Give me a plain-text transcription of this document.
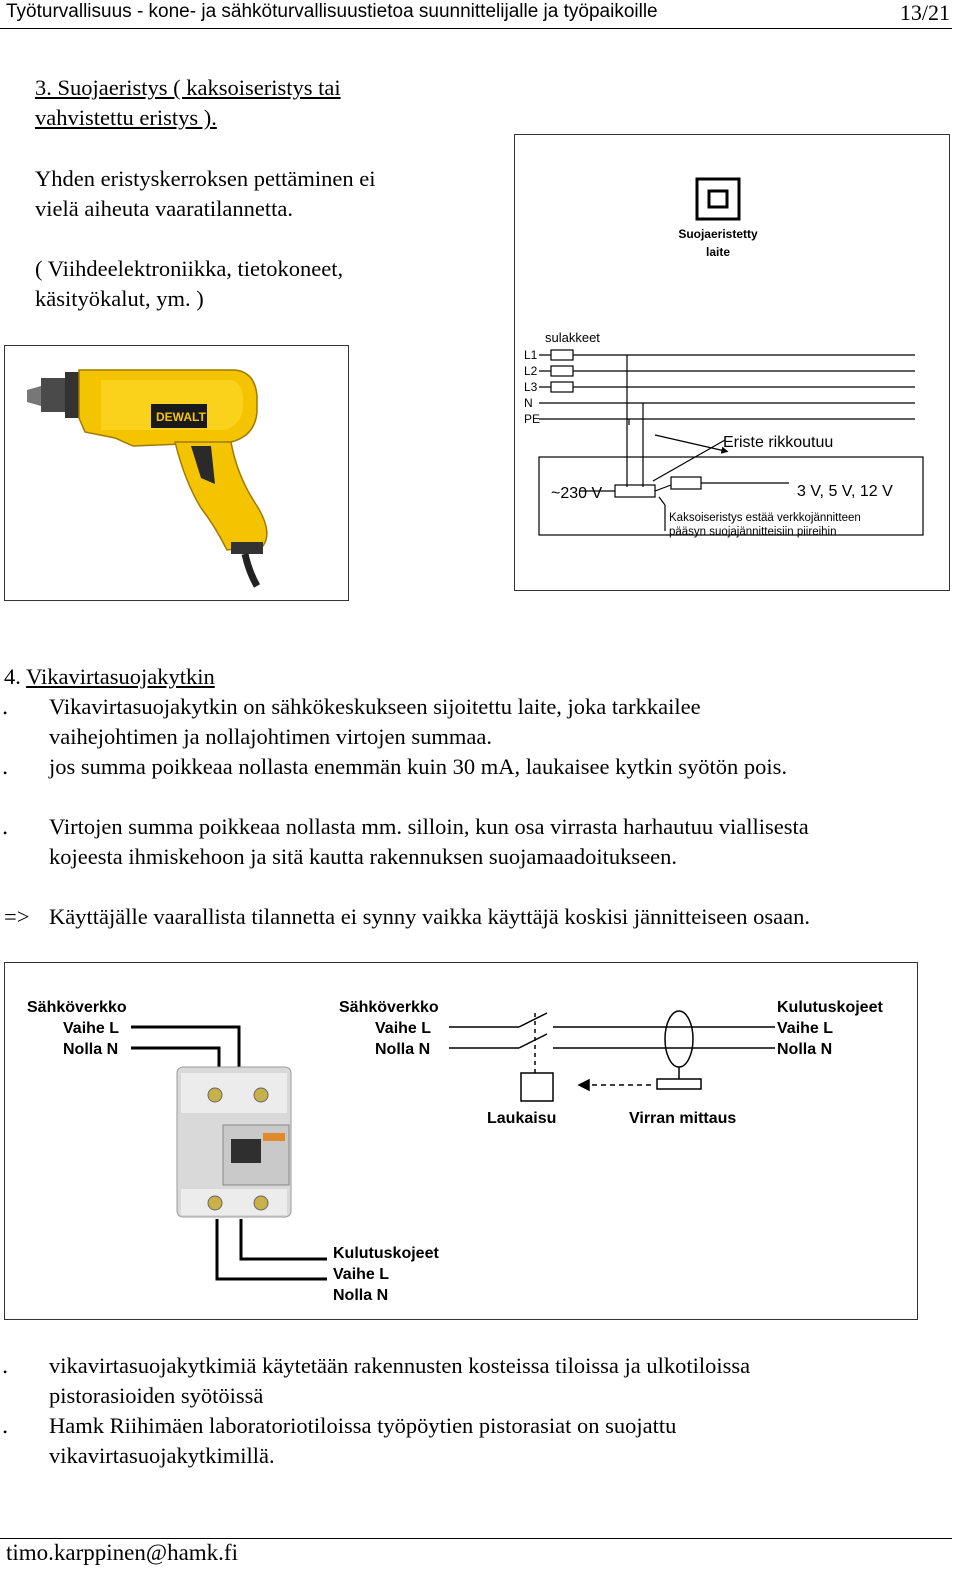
Työturvallisuus - kone- ja sähköturvallisuustietoa suunnittelijalle ja työpaikoille	13/21
3. Suojaeristys ( kaksoiseristys tai
vahvistettu eristys ).
Yhden eristyskerroksen pettäminen ei
vielä aiheuta vaaratilannetta.
( Viihdeelektroniikka, tietokoneet,
käsityökalut, ym. )
DEWALT
Suojaeristetty
laite
sulakkeet
L1
L2
L3
N
PE
Eriste rikkoutuu
~230 V	3 V, 5 V, 12 V
Kaksoiseristys estää verkkojännitteen
pääsyn suojajännitteisiin piireihin
4. Vikavirtasuojakytkin
• Vikavirtasuojakytkin on sähkökeskukseen sijoitettu laite, joka tarkkailee
vaihejohtimen ja nollajohtimen virtojen summaa.
• jos summa poikkeaa nollasta enemmän kuin 30 mA, laukaisee kytkin syötön pois.
• Virtojen summa poikkeaa nollasta mm. silloin, kun osa virrasta harhautuu viallisesta
kojeesta ihmiskehoon ja sitä kautta rakennuksen suojamaadoitukseen.
=> Käyttäjälle vaarallista tilannetta ei synny vaikka käyttäjä koskisi jännitteiseen osaan.
Sähköverkko
Vaihe L
Nolla N
Sähköverkko
Vaihe L
Nolla N
Kulutuskojeet
Vaihe L
Nolla N
Kulutuskojeet
Vaihe L
Nolla N
Laukaisu	Virran mittaus
• vikavirtasuojakytkimiä käytetään rakennusten kosteissa tiloissa ja ulkotiloissa
pistorasioiden syötöissä
• Hamk Riihimäen laboratoriotiloissa työpöytien pistorasiat on suojattu
vikavirtasuojakytkimillä.
timo.karppinen@hamk.fi
